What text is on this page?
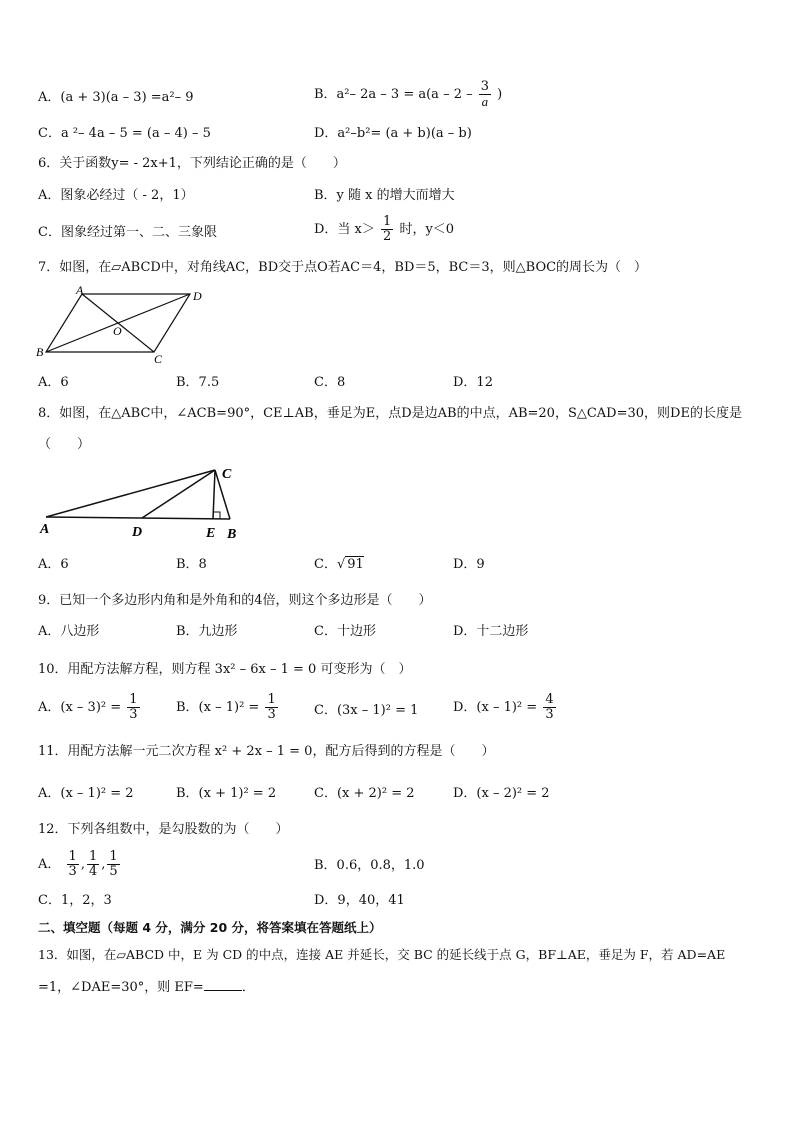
A．(a + 3)(a – 3) =a²– 9	B．a²– $2a - 3 = a(a - 2 - \frac{3}{a}$ )
C．a ²– 4a – 5 = (a – 4) – 5	D．a²–b²= (a + b)(a – b)
6．关于函数y= - 2x+1，下列结论正确的是（　　）
A．图象必经过（ - 2，1）	B．y 随 x 的增大而增大
C．图象经过第一、二、三象限	D．当 $x> \frac{1}{2}$ 时，y＜0
7．如图，在▱ABCD中，对角线AC，BD交于点O若AC＝4，BD＝5，BC＝3，则△BOC的周长为（　）
A	D
O
B	C
A．6	B．7.5	C．8	D．12
8．如图，在△ABC中，∠ACB=90°，CE⊥AB，垂足为E，点D是边AB的中点，AB=20，S△CAD=30，则DE的长度是
（　　）
C
A	D	E B
A．6	B．8	C．√ 91	D．9
9．已知一个多边形内角和是外角和的4倍，则这个多边形是（　　）
A．八边形	B．九边形	C．十边形	D．十二边形
10．用配方法解方程，则方程 3x² – 6x – 1 = 0 可变形为（　）
A．$(x - 3)^2 = \frac{1}{3}$	B．$(x - 1)^2 = \frac{1}{3}$	C．(3x – 1)² = 1	D．$(x - 1)^2 = \frac{4}{3}$
11．用配方法解一元二次方程 x² + 2x – 1 = 0，配方后得到的方程是（　　）
A．(x – 1)² = 2	B．(x + 1)² = 2	C．(x + 2)² = 2	D．(x – 2)² = 2
12．下列各组数中，是勾股数的为（　　）
A． $\frac{1}{3}$ , $\frac{1}{4}$ , $\frac{1}{5}$	B．0.6，0.8，1.0
C．1，2，3	D．9，40，41
二、填空题（每题 4 分，满分 20 分，将答案填在答题纸上）
13．如图，在▱ABCD 中，E 为 CD 的中点，连接 AE 并延长，交 BC 的延长线于点 G，BF⊥AE，垂足为 F，若 AD=AE
=1，∠DAE=30°，则 EF=	．
